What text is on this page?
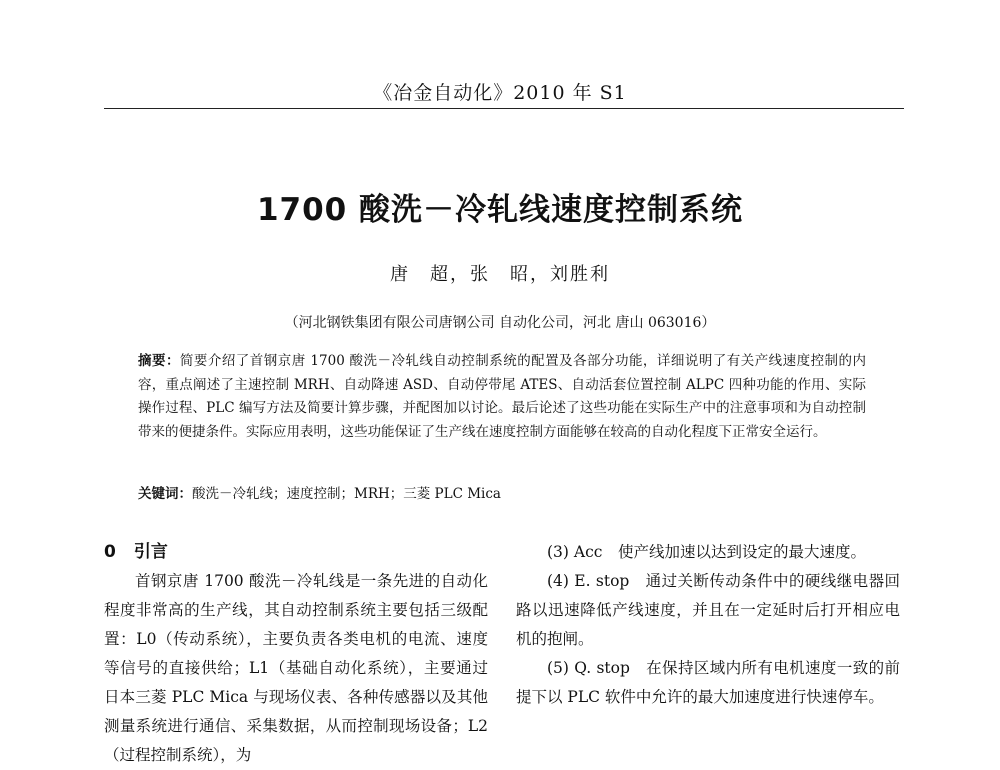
《冶金自动化》2010 年 S1
1700 酸洗－冷轧线速度控制系统
唐　超，张　昭，刘胜利
（河北钢铁集团有限公司唐钢公司 自动化公司，河北 唐山 063016）
摘要：简要介绍了首钢京唐 1700 酸洗－冷轧线自动控制系统的配置及各部分功能，详细说明了有关产线速度控制的内容，重点阐述了主速控制 MRH、自动降速 ASD、自动停带尾 ATES、自动活套位置控制 ALPC 四种功能的作用、实际操作过程、PLC 编写方法及简要计算步骤，并配图加以讨论。最后论述了这些功能在实际生产中的注意事项和为自动控制带来的便捷条件。实际应用表明，这些功能保证了生产线在速度控制方面能够在较高的自动化程度下正常安全运行。
关键词：酸洗－冷轧线；速度控制；MRH；三菱 PLC Mica
0 引言

首钢京唐 1700 酸洗－冷轧线是一条先进的自动化程度非常高的生产线，其自动控制系统主要包括三级配置：L0（传动系统），主要负责各类电机的电流、速度等信号的直接供给；L1（基础自动化系统），主要通过日本三菱 PLC Mica 与现场仪表、各种传感器以及其他测量系统进行通信、采集数据，从而控制现场设备；L2（过程控制系统），为

(3) Acc　使产线加速以达到设定的最大速度。

(4) E. stop　通过关断传动条件中的硬线继电器回路以迅速降低产线速度，并且在一定延时后打开相应电机的抱闸。

(5) Q. stop　在保持区域内所有电机速度一致的前提下以 PLC 软件中允许的最大加速度进行快速停车。
